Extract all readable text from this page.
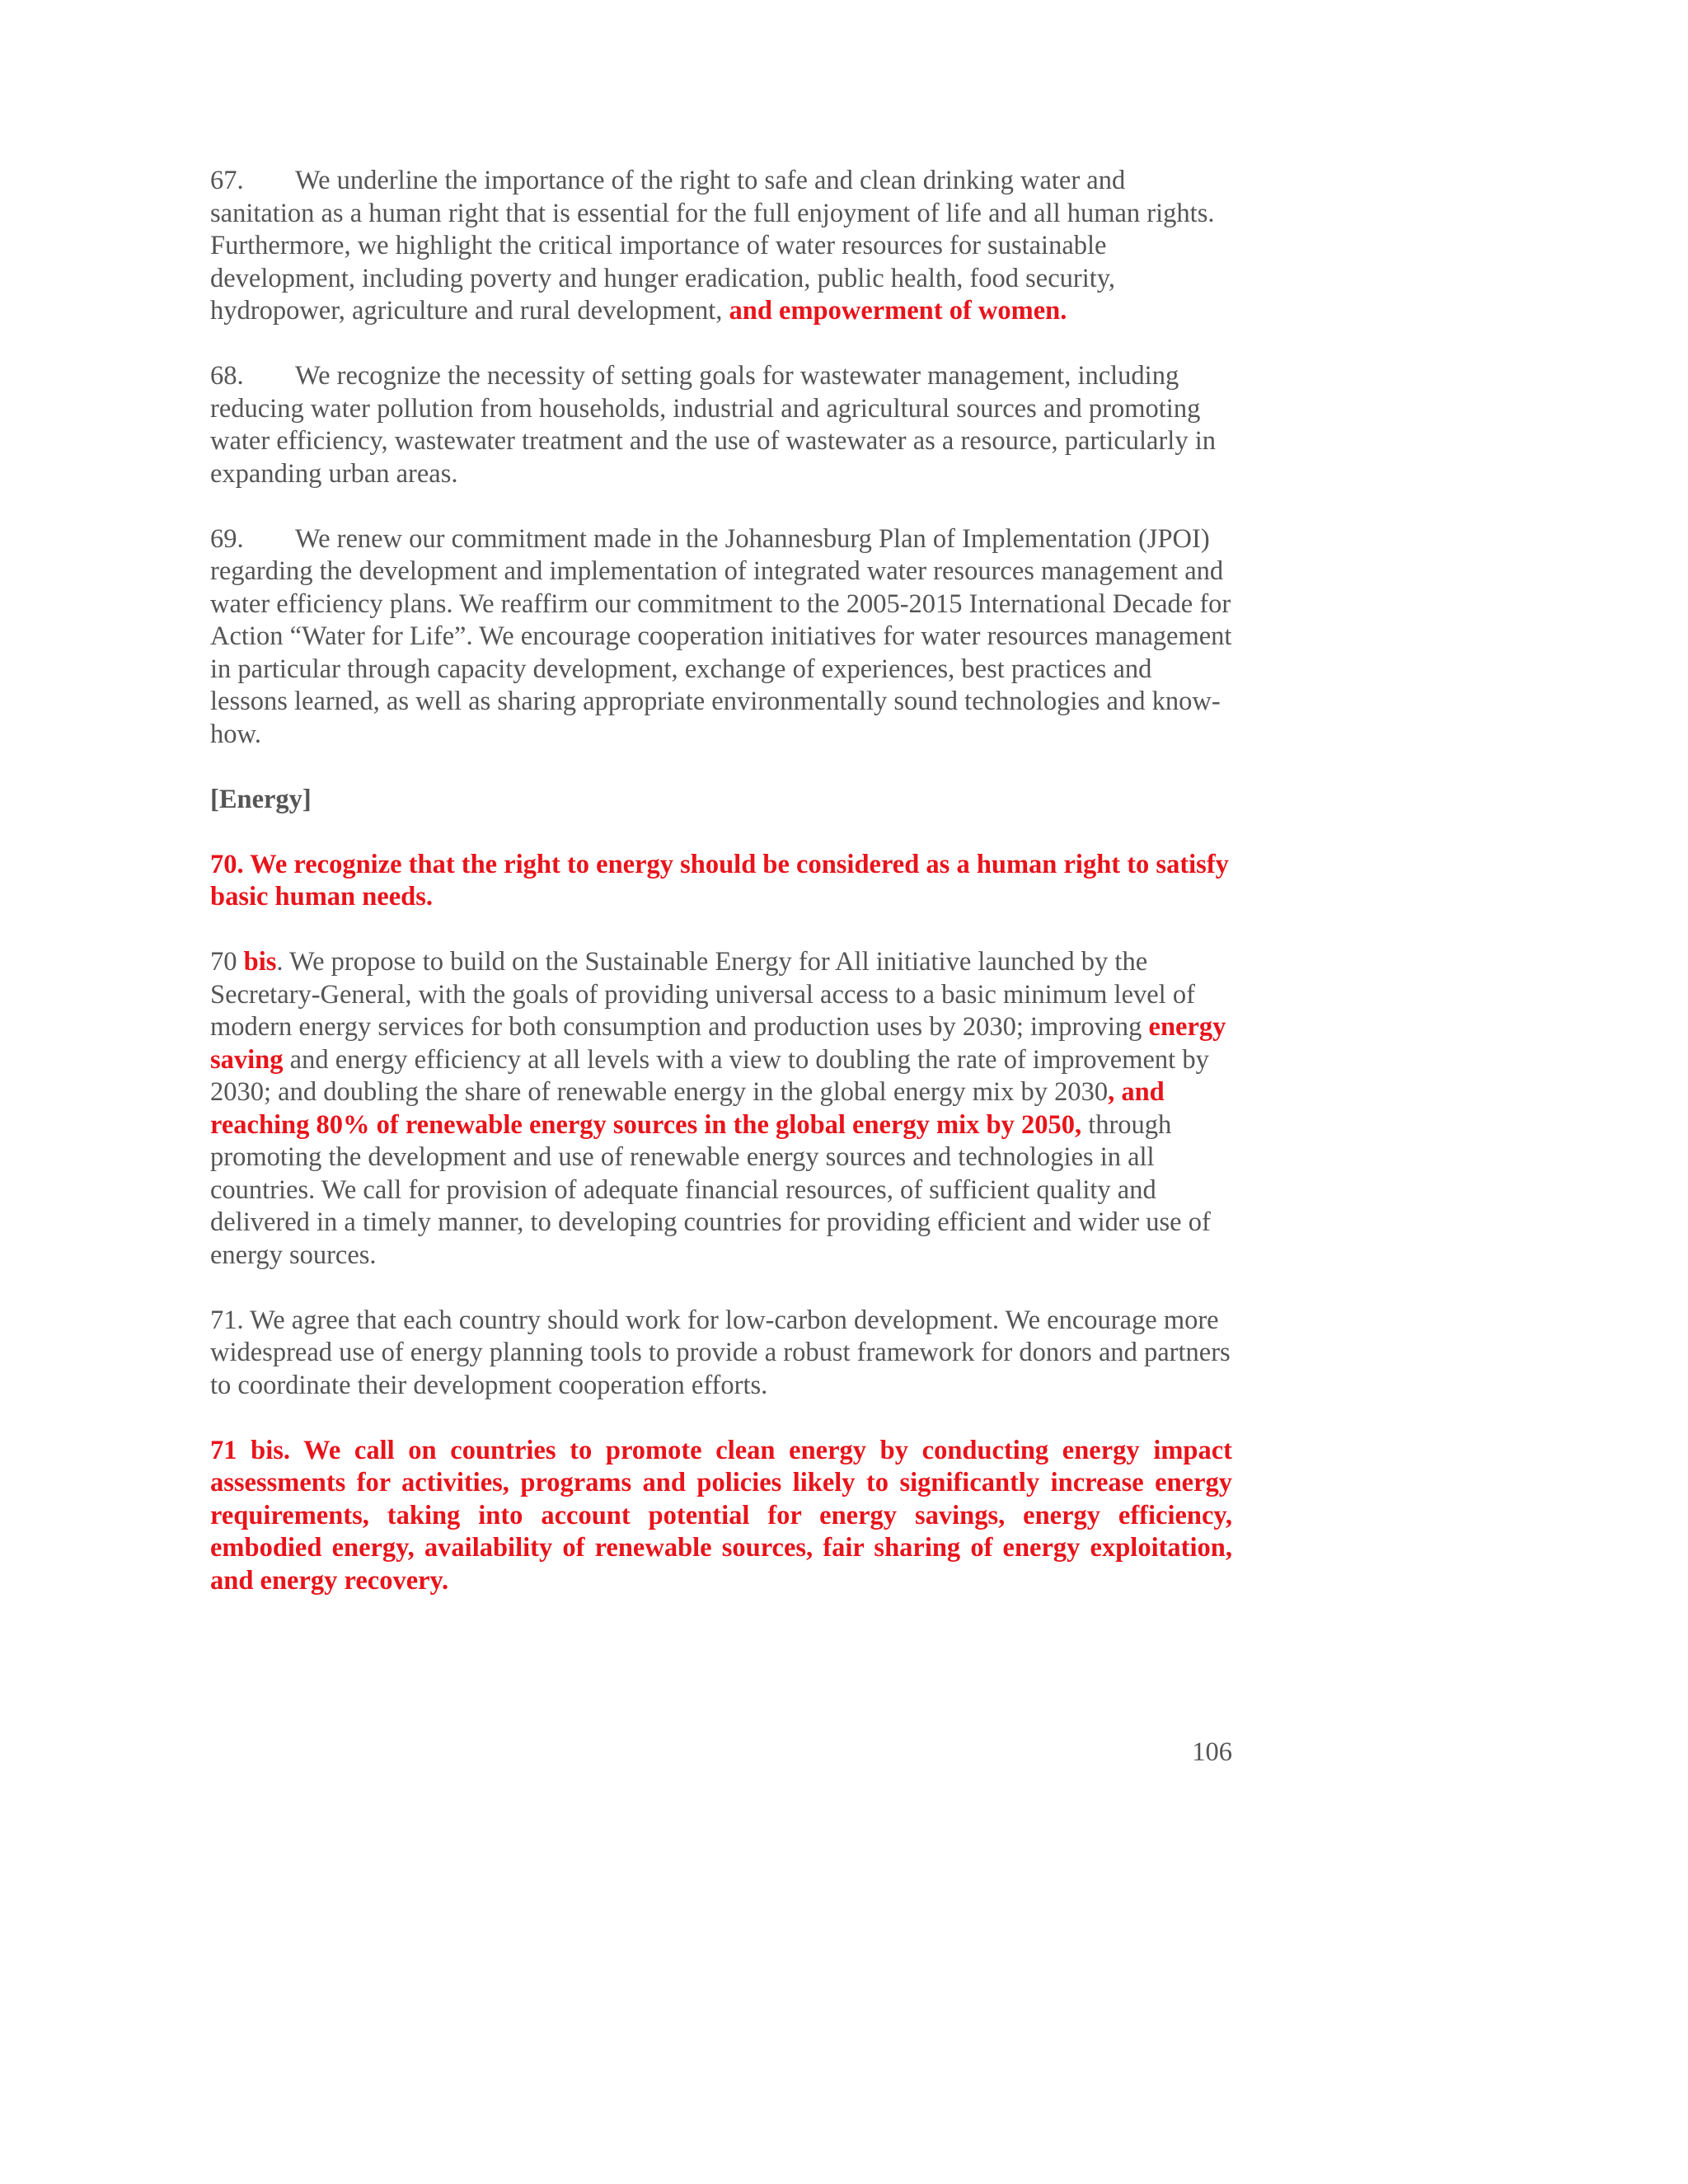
67. We underline the importance of the right to safe and clean drinking water and sanitation as a human right that is essential for the full enjoyment of life and all human rights. Furthermore, we highlight the critical importance of water resources for sustainable development, including poverty and hunger eradication, public health, food security, hydropower, agriculture and rural development, and empowerment of women.

68. We recognize the necessity of setting goals for wastewater management, including reducing water pollution from households, industrial and agricultural sources and promoting water efficiency, wastewater treatment and the use of wastewater as a resource, particularly in expanding urban areas.

69. We renew our commitment made in the Johannesburg Plan of Implementation (JPOI) regarding the development and implementation of integrated water resources management and water efficiency plans. We reaffirm our commitment to the 2005-2015 International Decade for Action “Water for Life”. We encourage cooperation initiatives for water resources management in particular through capacity development, exchange of experiences, best practices and lessons learned, as well as sharing appropriate environmentally sound technologies and know-how.

[Energy]

70. We recognize that the right to energy should be considered as a human right to satisfy basic human needs.

70 bis. We propose to build on the Sustainable Energy for All initiative launched by the Secretary-General, with the goals of providing universal access to a basic minimum level of modern energy services for both consumption and production uses by 2030; improving energy saving and energy efficiency at all levels with a view to doubling the rate of improvement by 2030; and doubling the share of renewable energy in the global energy mix by 2030, and reaching 80% of renewable energy sources in the global energy mix by 2050, through promoting the development and use of renewable energy sources and technologies in all countries. We call for provision of adequate financial resources, of sufficient quality and delivered in a timely manner, to developing countries for providing efficient and wider use of energy sources.

71. We agree that each country should work for low-carbon development. We encourage more widespread use of energy planning tools to provide a robust framework for donors and partners to coordinate their development cooperation efforts.

71 bis. We call on countries to promote clean energy by conducting energy impact assessments for activities, programs and policies likely to significantly increase energy requirements, taking into account potential for energy savings, energy efficiency, embodied energy, availability of renewable sources, fair sharing of energy exploitation, and energy recovery.

106
